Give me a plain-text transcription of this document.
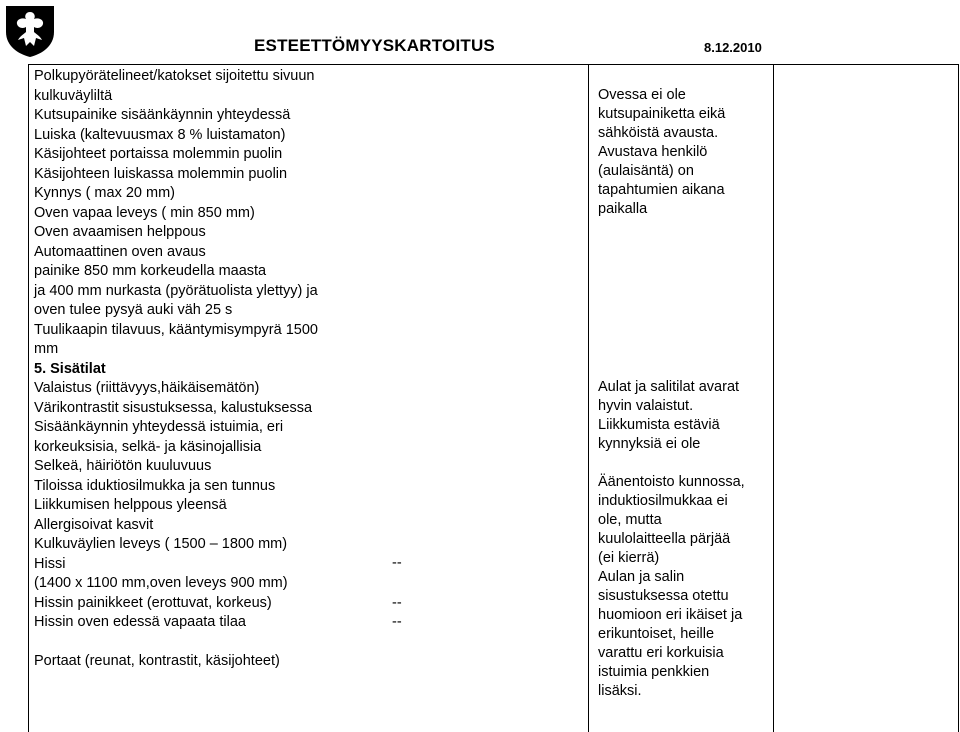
ESTEETTÖMYYSKARTOITUS	8.12.2010
Polkupyörätelineet/katokset sijoitettu sivuun
kulkuväyliltä
Kutsupainike sisäänkäynnin yhteydessä
Luiska (kaltevuusmax 8 % luistamaton)
Käsijohteet portaissa molemmin puolin
Käsijohteen luiskassa molemmin puolin
Kynnys ( max 20 mm)
Oven vapaa leveys ( min 850 mm)
Oven avaamisen helppous
Automaattinen oven avaus
painike 850 mm korkeudella maasta
ja 400 mm nurkasta (pyörätuolista ylettyy) ja
oven tulee pysyä auki väh 25 s
Tuulikaapin tilavuus, kääntymisympyrä 1500
mm
5. Sisätilat
Valaistus (riittävyys,häikäisemätön)
Värikontrastit sisustuksessa, kalustuksessa
Sisäänkäynnin yhteydessä istuimia, eri
korkeuksisia, selkä- ja käsinojallisia
Selkeä, häiriötön kuuluvuus
Tiloissa iduktiosilmukka ja sen tunnus
Liikkumisen helppous yleensä
Allergisoivat kasvit
Kulkuväylien leveys ( 1500 – 1800 mm)
Hissi
(1400 x 1100 mm,oven leveys 900 mm)
Hissin painikkeet (erottuvat, korkeus)
Hissin oven edessä vapaata tilaa
Portaat (reunat, kontrastit, käsijohteet)
--
--
--
Ovessa ei ole
kutsupainiketta eikä
sähköistä avausta.
Avustava henkilö
(aulaisäntä) on
tapahtumien aikana
paikalla
Aulat ja salitilat avarat
hyvin valaistut.
Liikkumista estäviä
kynnyksiä ei ole
Äänentoisto kunnossa,
induktiosilmukkaa ei
ole, mutta
kuulolaitteella pärjää
(ei kierrä)
Aulan ja salin
sisustuksessa otettu
huomioon eri ikäiset ja
erikuntoiset, heille
varattu eri korkuisia
istuimia penkkien
lisäksi.
